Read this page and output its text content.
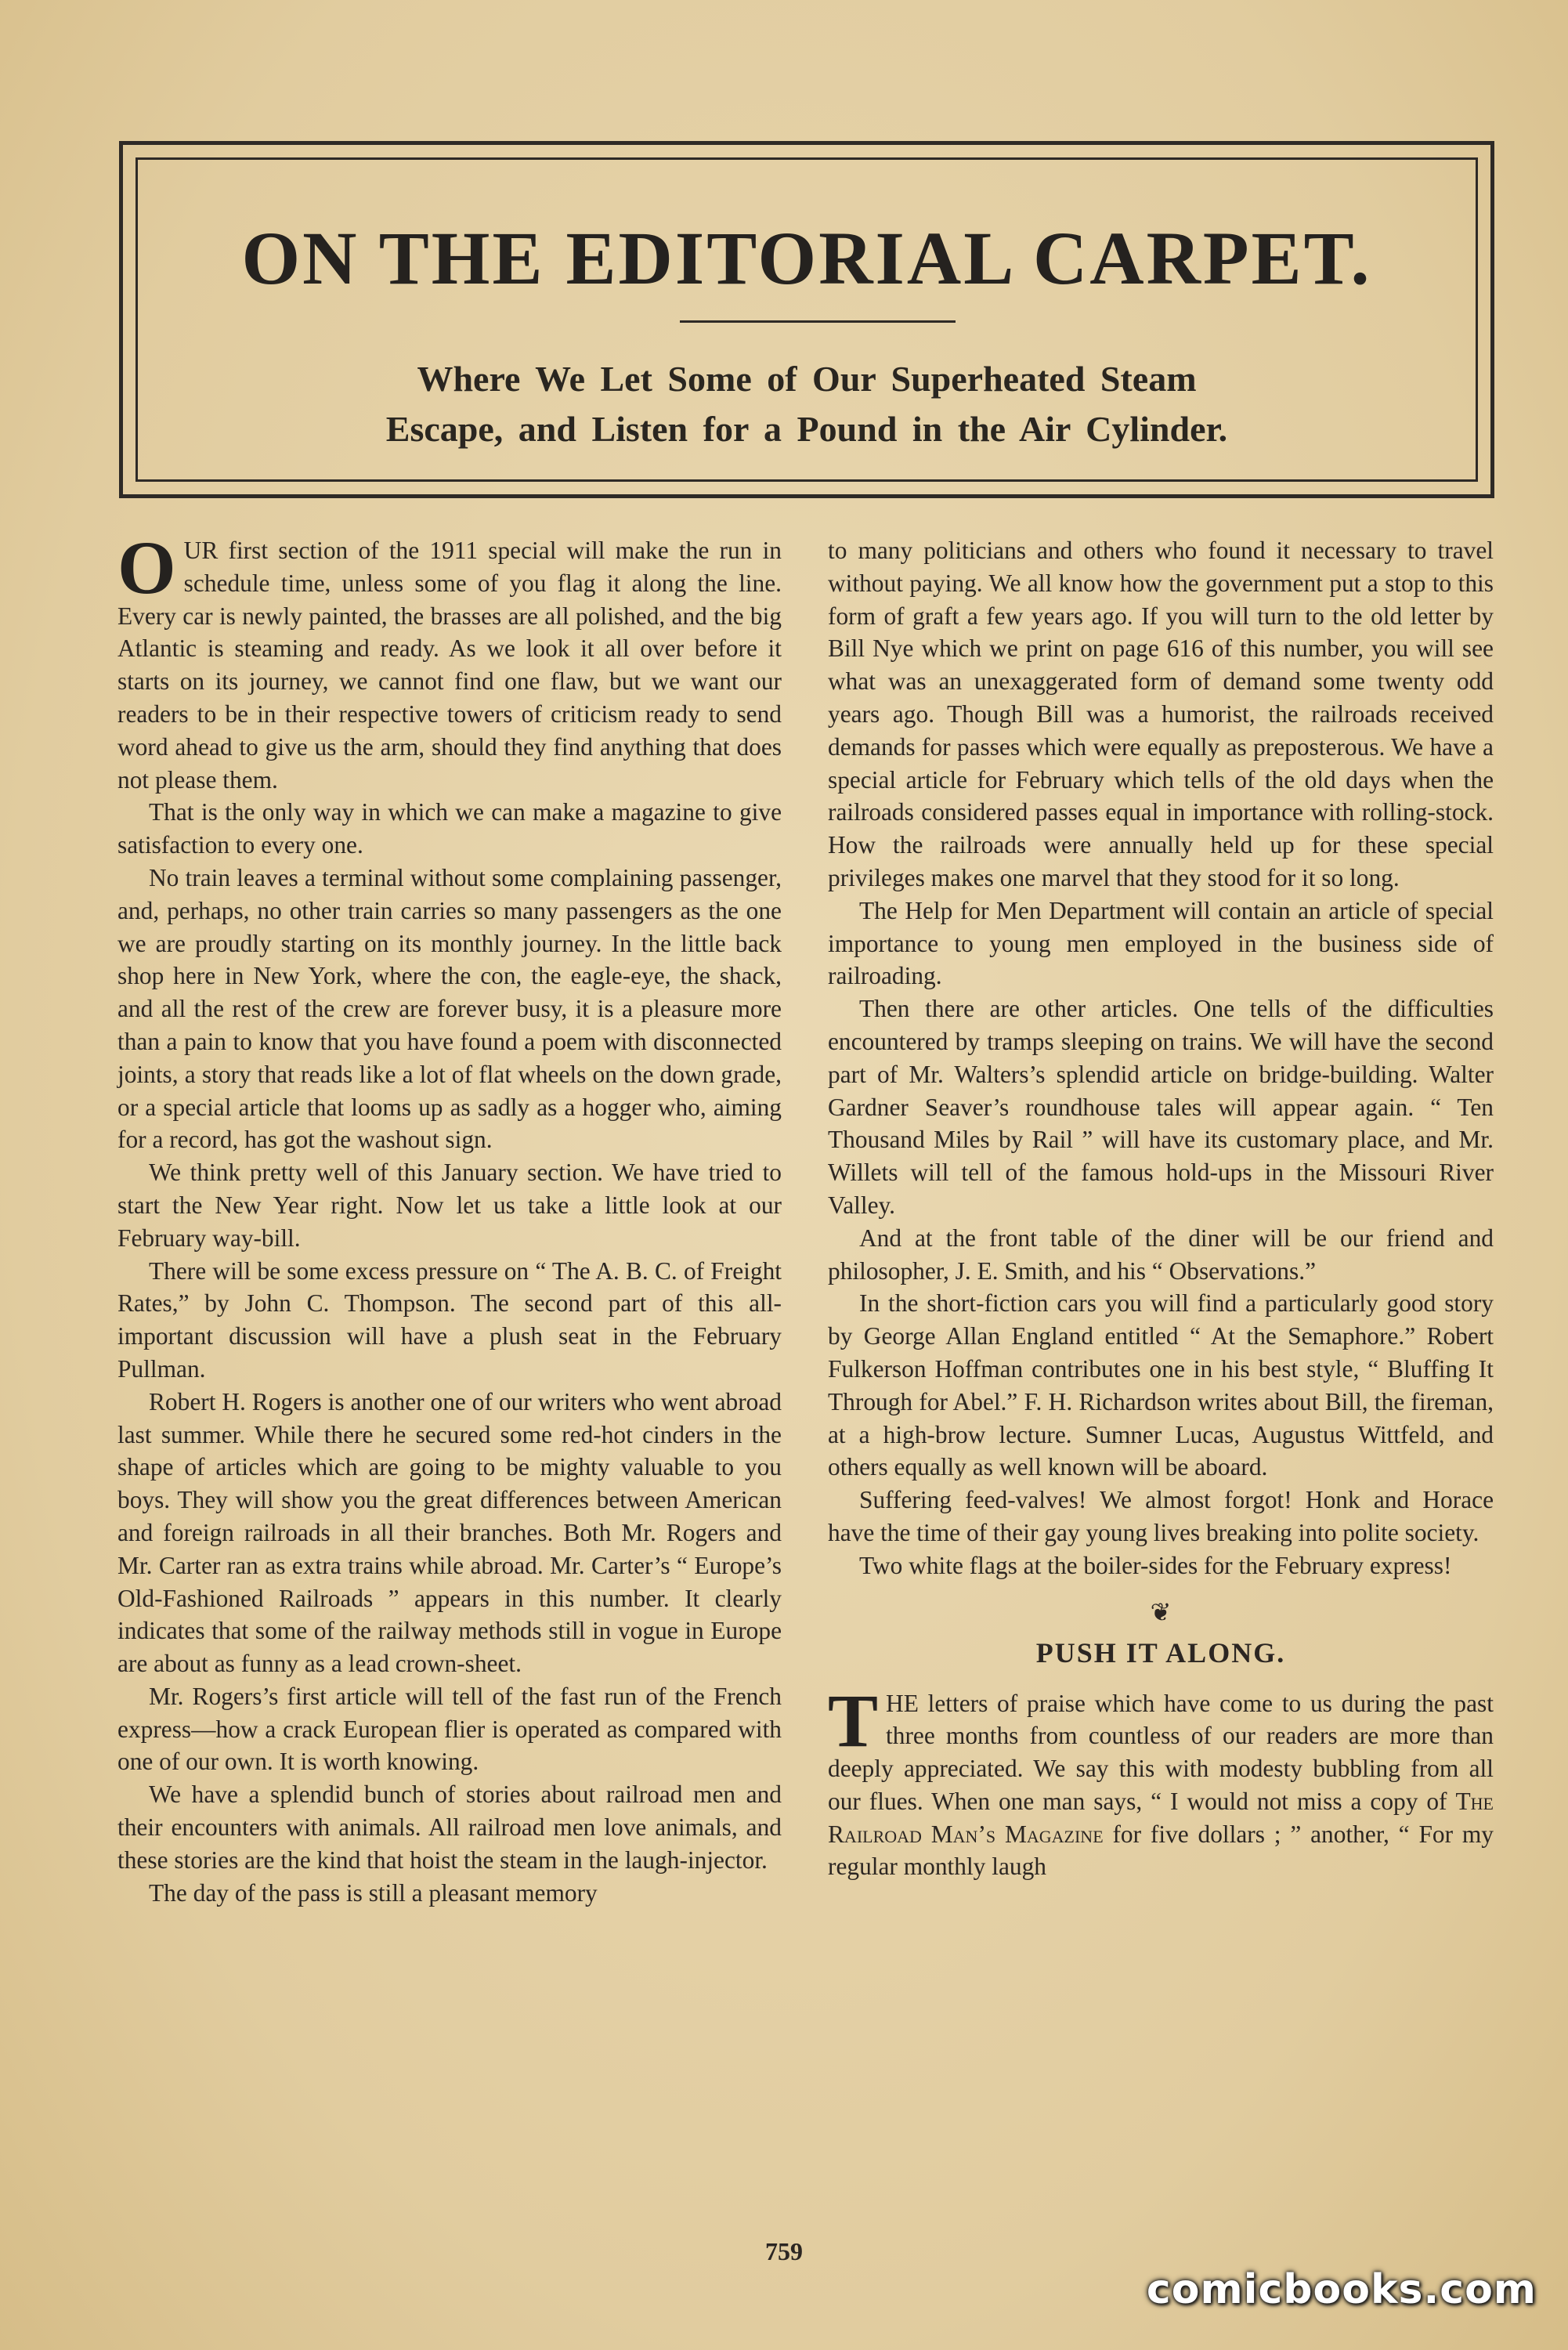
ON THE EDITORIAL CARPET.
Where We Let Some of Our Superheated Steam
Escape, and Listen for a Pound in the Air Cylinder.

OUR first section of the 1911 special will make the run in schedule time, unless some of you flag it along the line. Every car is newly painted, the brasses are all polished, and the big Atlantic is steaming and ready. As we look it all over before it starts on its journey, we cannot find one flaw, but we want our readers to be in their respective towers of criticism ready to send word ahead to give us the arm, should they find anything that does not please them.

That is the only way in which we can make a magazine to give satisfaction to every one.

No train leaves a terminal without some complaining passenger, and, perhaps, no other train carries so many passengers as the one we are proudly starting on its monthly journey. In the little back shop here in New York, where the con, the eagle-eye, the shack, and all the rest of the crew are forever busy, it is a pleasure more than a pain to know that you have found a poem with disconnected joints, a story that reads like a lot of flat wheels on the down grade, or a special article that looms up as sadly as a hogger who, aiming for a record, has got the washout sign.

We think pretty well of this January section. We have tried to start the New Year right. Now let us take a little look at our February way-bill.

There will be some excess pressure on “ The A. B. C. of Freight Rates,” by John C. Thompson. The second part of this all-important discussion will have a plush seat in the February Pullman.

Robert H. Rogers is another one of our writers who went abroad last summer. While there he secured some red-hot cinders in the shape of articles which are going to be mighty valuable to you boys. They will show you the great differences between American and foreign railroads in all their branches. Both Mr. Rogers and Mr. Carter ran as extra trains while abroad. Mr. Carter’s “ Europe’s Old-Fashioned Railroads ” appears in this number. It clearly indicates that some of the railway methods still in vogue in Europe are about as funny as a lead crown-sheet.

Mr. Rogers’s first article will tell of the fast run of the French express—how a crack European flier is operated as compared with one of our own. It is worth knowing.

We have a splendid bunch of stories about railroad men and their encounters with animals. All railroad men love animals, and these stories are the kind that hoist the steam in the laugh-injector.

The day of the pass is still a pleasant memory

to many politicians and others who found it necessary to travel without paying. We all know how the government put a stop to this form of graft a few years ago. If you will turn to the old letter by Bill Nye which we print on page 616 of this number, you will see what was an unexaggerated form of demand some twenty odd years ago. Though Bill was a humorist, the railroads received demands for passes which were equally as preposterous. We have a special article for February which tells of the old days when the railroads considered passes equal in importance with rolling-stock. How the railroads were annually held up for these special privileges makes one marvel that they stood for it so long.

The Help for Men Department will contain an article of special importance to young men employed in the business side of railroading.

Then there are other articles. One tells of the difficulties encountered by tramps sleeping on trains. We will have the second part of Mr. Walters’s splendid article on bridge-building. Walter Gardner Seaver’s roundhouse tales will appear again. “ Ten Thousand Miles by Rail ” will have its customary place, and Mr. Willets will tell of the famous hold-ups in the Missouri River Valley.

And at the front table of the diner will be our friend and philosopher, J. E. Smith, and his “ Observations.”

In the short-fiction cars you will find a particularly good story by George Allan England entitled “ At the Semaphore.” Robert Fulkerson Hoffman contributes one in his best style, “ Bluffing It Through for Abel.” F. H. Richardson writes about Bill, the fireman, at a high-brow lecture. Sumner Lucas, Augustus Wittfeld, and others equally as well known will be aboard.

Suffering feed-valves! We almost forgot! Honk and Horace have the time of their gay young lives breaking into polite society.

Two white flags at the boiler-sides for the February express!

❦
PUSH IT ALONG.

THE letters of praise which have come to us during the past three months from countless of our readers are more than deeply appreciated. We say this with modesty bubbling from all our flues. When one man says, “ I would not miss a copy of The Railroad Man’s Magazine for five dollars ; ” another, “ For my regular monthly laugh

759
comicbooks.com
